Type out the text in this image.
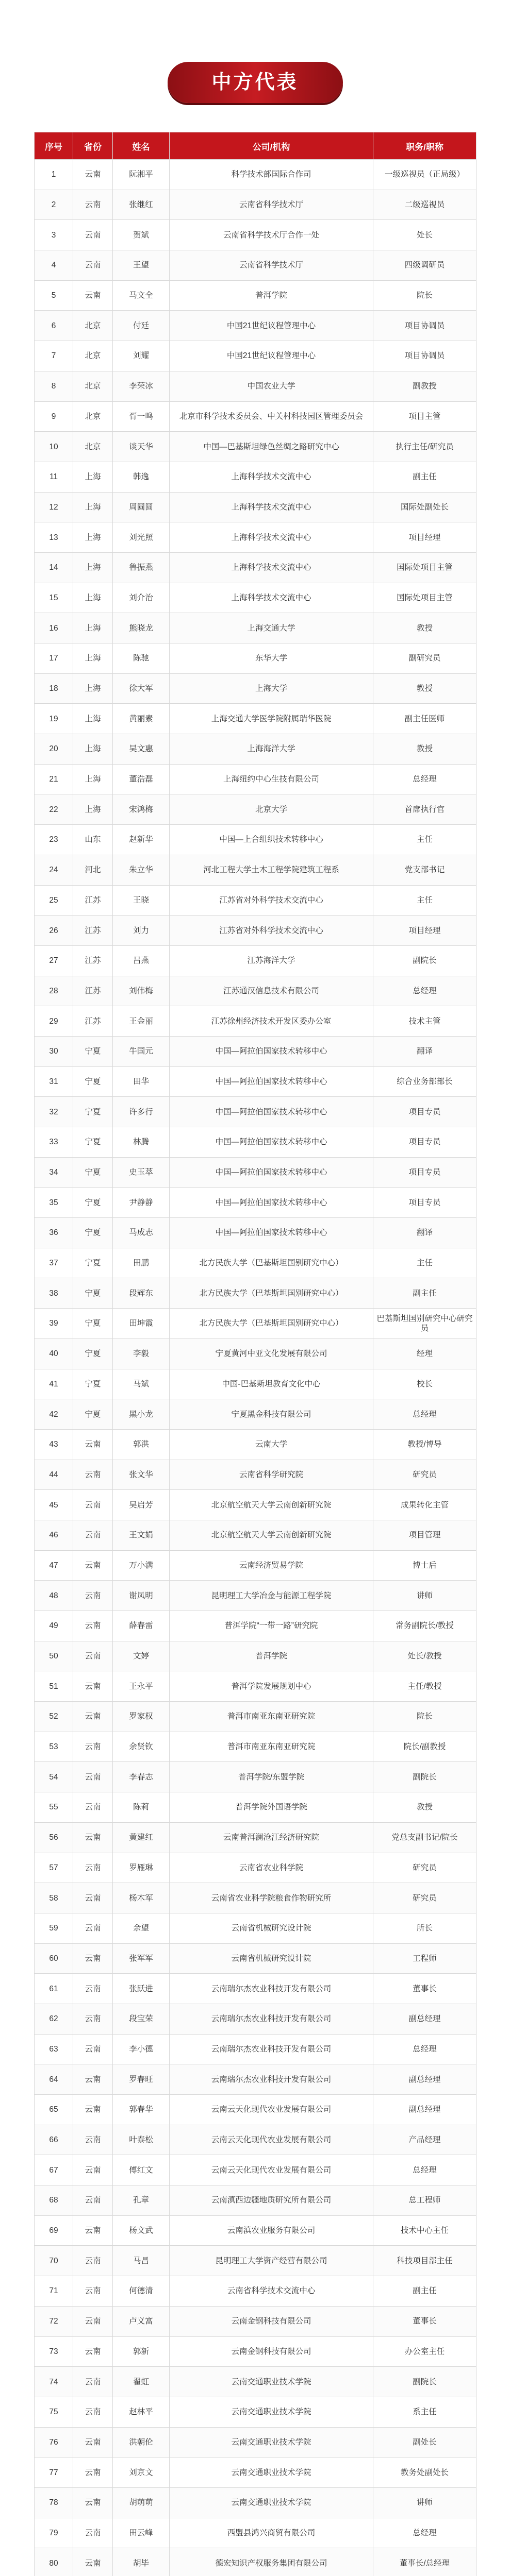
中方代表
序号	省份	姓名	公司/机构	职务/职称
1	云南	阮湘平	科学技术部国际合作司	一级巡视员（正局级）
2	云南	张继红	云南省科学技术厅	二级巡视员
3	云南	贺斌	云南省科学技术厅合作一处	处长
4	云南	王望	云南省科学技术厅	四级调研员
5	云南	马文全	普洱学院	院长
6	北京	付廷	中国21世纪议程管理中心	项目协调员
7	北京	刘耀	中国21世纪议程管理中心	项目协调员
8	北京	李荣冰	中国农业大学	副教授
9	北京	胥一鸣	北京市科学技术委员会、中关村科技园区管理委员会	项目主管
10	北京	谈天华	中国—巴基斯坦绿色丝绸之路研究中心	执行主任/研究员
11	上海	韩逸	上海科学技术交流中心	副主任
12	上海	周圆圆	上海科学技术交流中心	国际处副处长
13	上海	刘光照	上海科学技术交流中心	项目经理
14	上海	鲁振燕	上海科学技术交流中心	国际处项目主管
15	上海	刘介治	上海科学技术交流中心	国际处项目主管
16	上海	熊晓龙	上海交通大学	教授
17	上海	陈驰	东华大学	副研究员
18	上海	徐大军	上海大学	教授
19	上海	黄丽素	上海交通大学医学院附属瑞华医院	副主任医师
20	上海	吴文惠	上海海洋大学	教授
21	上海	董浩磊	上海纽约中心生技有限公司	总经理
22	上海	宋鸿梅	北京大学	首席执行官
23	山东	赵新华	中国—上合组织技术转移中心	主任
24	河北	朱立华	河北工程大学土木工程学院建筑工程系	党支部书记
25	江苏	王晓	江苏省对外科学技术交流中心	主任
26	江苏	刘力	江苏省对外科学技术交流中心	项目经理
27	江苏	吕燕	江苏海洋大学	副院长
28	江苏	刘伟梅	江苏通汉信息技术有限公司	总经理
29	江苏	王金丽	江苏徐州经济技术开发区委办公室	技术主管
30	宁夏	牛国元	中国—阿拉伯国家技术转移中心	翻译
31	宁夏	田华	中国—阿拉伯国家技术转移中心	综合业务部部长
32	宁夏	许多行	中国—阿拉伯国家技术转移中心	项目专员
33	宁夏	林腾	中国—阿拉伯国家技术转移中心	项目专员
34	宁夏	史玉萃	中国—阿拉伯国家技术转移中心	项目专员
35	宁夏	尹静静	中国—阿拉伯国家技术转移中心	项目专员
36	宁夏	马成志	中国—阿拉伯国家技术转移中心	翻译
37	宁夏	田鹏	北方民族大学（巴基斯坦国别研究中心）	主任
38	宁夏	段辉东	北方民族大学（巴基斯坦国别研究中心）	副主任
39	宁夏	田坤霞	北方民族大学（巴基斯坦国别研究中心）	巴基斯坦国别研究中心研究员
40	宁夏	李毅	宁夏黄河中亚文化发展有限公司	经理
41	宁夏	马斌	中国-巴基斯坦教育文化中心	校长
42	宁夏	黑小龙	宁夏黑金科技有限公司	总经理
43	云南	郭洪	云南大学	教授/博导
44	云南	张文华	云南省科学研究院	研究员
45	云南	吴启芳	北京航空航天大学云南创新研究院	成果转化主管
46	云南	王文娟	北京航空航天大学云南创新研究院	项目管理
47	云南	万小满	云南经济贸易学院	博士后
48	云南	谢凤明	昆明理工大学冶金与能源工程学院	讲师
49	云南	薛春雷	普洱学院“一带一路”研究院	常务副院长/教授
50	云南	文婷	普洱学院	处长/教授
51	云南	王永平	普洱学院发展规划中心	主任/教授
52	云南	罗家权	普洱市南亚东南亚研究院	院长
53	云南	余贤钦	普洱市南亚东南亚研究院	院长/副教授
54	云南	李春志	普洱学院/东盟学院	副院长
55	云南	陈莉	普洱学院外国语学院	教授
56	云南	黄建红	云南普洱澜沧江经济研究院	党总支副书记/院长
57	云南	罗雁琳	云南省农业科学院	研究员
58	云南	杨木军	云南省农业科学院粮食作物研究所	研究员
59	云南	余望	云南省机械研究设计院	所长
60	云南	张军军	云南省机械研究设计院	工程师
61	云南	张跃进	云南瑞尔杰农业科技开发有限公司	董事长
62	云南	段宝荣	云南瑞尔杰农业科技开发有限公司	副总经理
63	云南	李小德	云南瑞尔杰农业科技开发有限公司	总经理
64	云南	罗春旺	云南瑞尔杰农业科技开发有限公司	副总经理
65	云南	郭春华	云南云天化现代农业发展有限公司	副总经理
66	云南	叶泰松	云南云天化现代农业发展有限公司	产品经理
67	云南	傅红文	云南云天化现代农业发展有限公司	总经理
68	云南	孔章	云南滇西边疆地质研究所有限公司	总工程师
69	云南	杨文武	云南滇农业服务有限公司	技术中心主任
70	云南	马昌	昆明理工大学资产经营有限公司	科技项目部主任
71	云南	何德清	云南省科学技术交流中心	副主任
72	云南	卢义富	云南金钢科技有限公司	董事长
73	云南	郭新	云南金钢科技有限公司	办公室主任
74	云南	翟虹	云南交通职业技术学院	副院长
75	云南	赵林平	云南交通职业技术学院	系主任
76	云南	洪朝伦	云南交通职业技术学院	副处长
77	云南	刘京文	云南交通职业技术学院	教务处副处长
78	云南	胡萌萌	云南交通职业技术学院	讲师
79	云南	田云峰	西盟县鸿兴商贸有限公司	总经理
80	云南	胡毕	德宏知识产权服务集团有限公司	董事长/总经理
